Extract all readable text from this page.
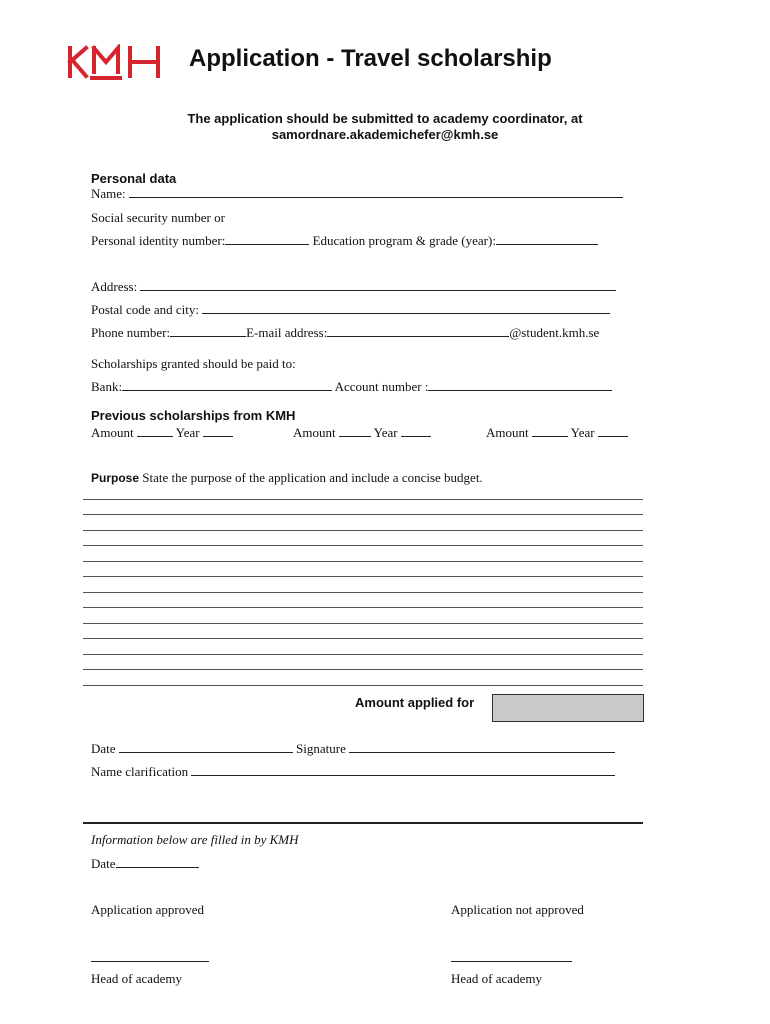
Application - Travel scholarship
The application should be submitted to academy coordinator, at
samordnare.akademichefer@kmh.se
Personal data
Name:
Social security number or
Personal identity number:	Education program & grade (year):
Address:
Postal code and city:
Phone number:	E-mail address:	@student.kmh.se
Scholarships granted should be paid to:
Bank:	Account number :
Previous scholarships from KMH
Amount	Year	Amount	Year	Amount	Year
Purpose State the purpose of the application and include a concise budget.
Amount applied for
Date	Signature
Name clarification
Information below are filled in by KMH
Date
Application approved	Application not approved
Head of academy	Head of academy
